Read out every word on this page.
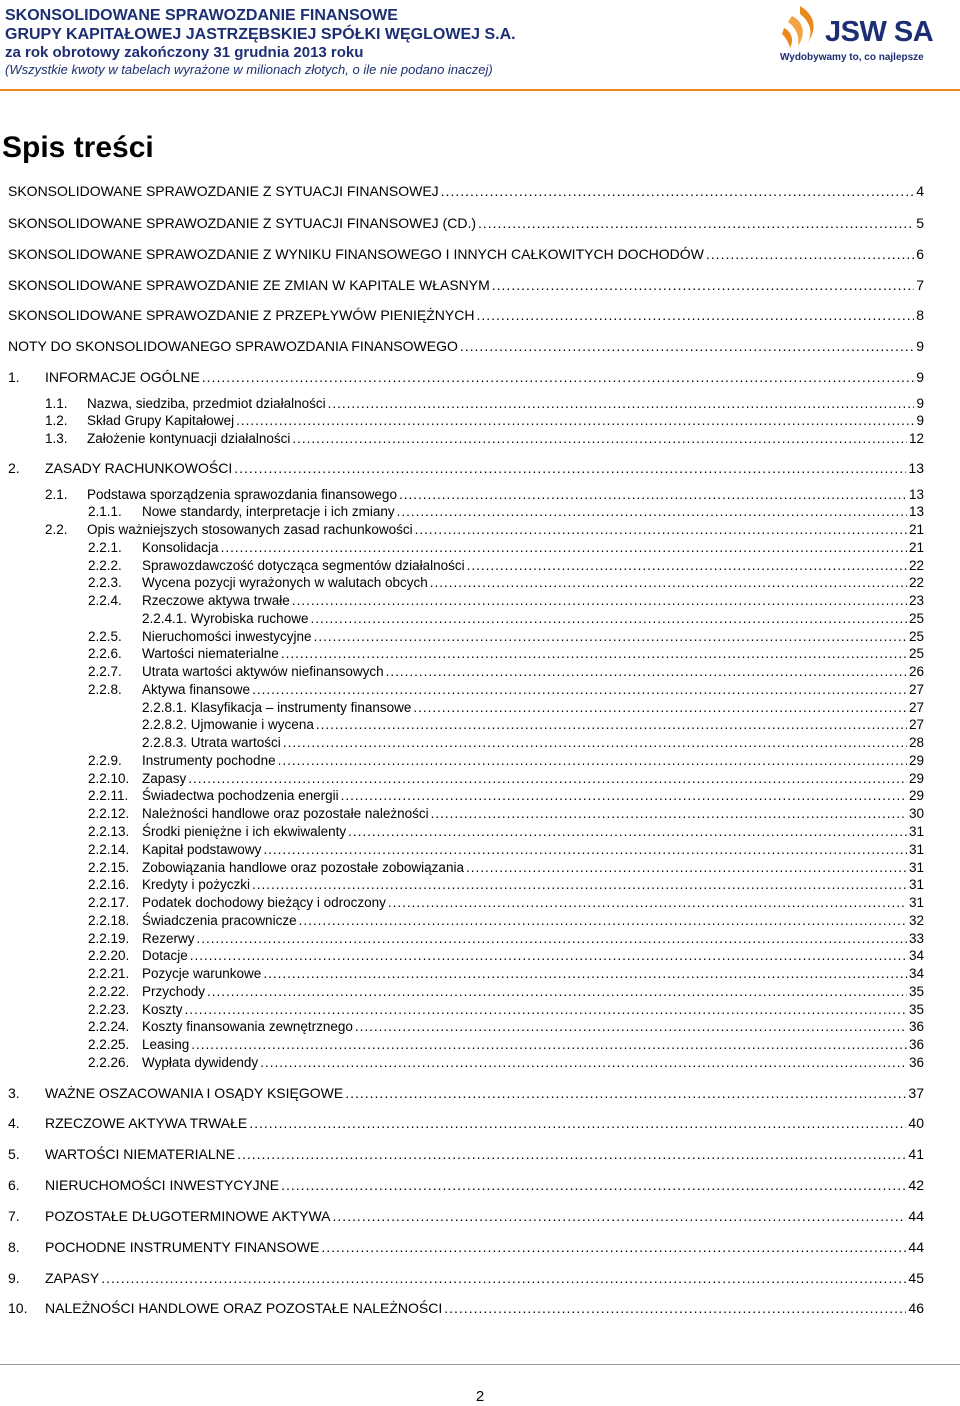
SKONSOLIDOWANE SPRAWOZDANIE FINANSOWE
GRUPY KAPITAŁOWEJ JASTRZĘBSKIEJ SPÓŁKI WĘGLOWEJ S.A.
za rok obrotowy zakończony 31 grudnia 2013 roku
(Wszystkie kwoty w tabelach wyrażone w milionach złotych, o ile nie podano inaczej)
JSW SA
Wydobywamy to, co najlepsze
Spis treści
SKONSOLIDOWANE SPRAWOZDANIE Z SYTUACJI FINANSOWEJ .....	4
SKONSOLIDOWANE SPRAWOZDANIE Z SYTUACJI FINANSOWEJ (CD.) .....	5
SKONSOLIDOWANE SPRAWOZDANIE Z WYNIKU FINANSOWEGO I INNYCH CAŁKOWITYCH DOCHODÓW .....	6
SKONSOLIDOWANE SPRAWOZDANIE ZE ZMIAN W KAPITALE WŁASNYM .....	7
SKONSOLIDOWANE SPRAWOZDANIE Z PRZEPŁYWÓW PIENIĘŻNYCH .....	8
NOTY DO SKONSOLIDOWANEGO SPRAWOZDANIA FINANSOWEGO .....	9
1.	INFORMACJE OGÓLNE .....	9
1.1.	Nazwa, siedziba, przedmiot działalności .....	9
1.2.	Skład Grupy Kapitałowej .....	9
1.3.	Założenie kontynuacji działalności .....	12
2.	ZASADY RACHUNKOWOŚCI .....	13
2.1.	Podstawa sporządzenia sprawozdania finansowego .....	13
2.1.1.	Nowe standardy, interpretacje i ich zmiany .....	13
2.2.	Opis ważniejszych stosowanych zasad rachunkowości .....	21
2.2.1.	Konsolidacja .....	21
2.2.2.	Sprawozdawczość dotycząca segmentów działalności .....	22
2.2.3.	Wycena pozycji wyrażonych w walutach obcych .....	22
2.2.4.	Rzeczowe aktywa trwałe .....	23
2.2.4.1. Wyrobiska ruchowe .....	25
2.2.5.	Nieruchomości inwestycyjne .....	25
2.2.6.	Wartości niematerialne .....	25
2.2.7.	Utrata wartości aktywów niefinansowych .....	26
2.2.8.	Aktywa finansowe .....	27
2.2.8.1. Klasyfikacja – instrumenty finansowe .....	27
2.2.8.2. Ujmowanie i wycena .....	27
2.2.8.3. Utrata wartości .....	28
2.2.9.	Instrumenty pochodne .....	29
2.2.10. Zapasy .....	29
2.2.11.	Świadectwa pochodzenia energii .....	29
2.2.12. Należności handlowe oraz pozostałe należności .....	30
2.2.13. Środki pieniężne i ich ekwiwalenty .....	31
2.2.14. Kapitał podstawowy .....	31
2.2.15. Zobowiązania handlowe oraz pozostałe zobowiązania .....	31
2.2.16. Kredyty i pożyczki .....	31
2.2.17. Podatek dochodowy bieżący i odroczony .....	31
2.2.18. Świadczenia pracownicze .....	32
2.2.19. Rezerwy .....	33
2.2.20. Dotacje .....	34
2.2.21. Pozycje warunkowe .....	34
2.2.22. Przychody .....	35
2.2.23. Koszty .....	35
2.2.24. Koszty finansowania zewnętrznego .....	36
2.2.25. Leasing .....	36
2.2.26. Wypłata dywidendy .....	36
3.	WAŻNE OSZACOWANIA I OSĄDY KSIĘGOWE .....	37
4.	RZECZOWE AKTYWA TRWAŁE .....	40
5.	WARTOŚCI NIEMATERIALNE .....	41
6.	NIERUCHOMOŚCI INWESTYCYJNE .....	42
7.	POZOSTAŁE DŁUGOTERMINOWE AKTYWA .....	44
8.	POCHODNE INSTRUMENTY FINANSOWE .....	44
9.	ZAPASY .....	45
10.	NALEŻNOŚCI HANDLOWE ORAZ POZOSTAŁE NALEŻNOŚCI .....	46
2
